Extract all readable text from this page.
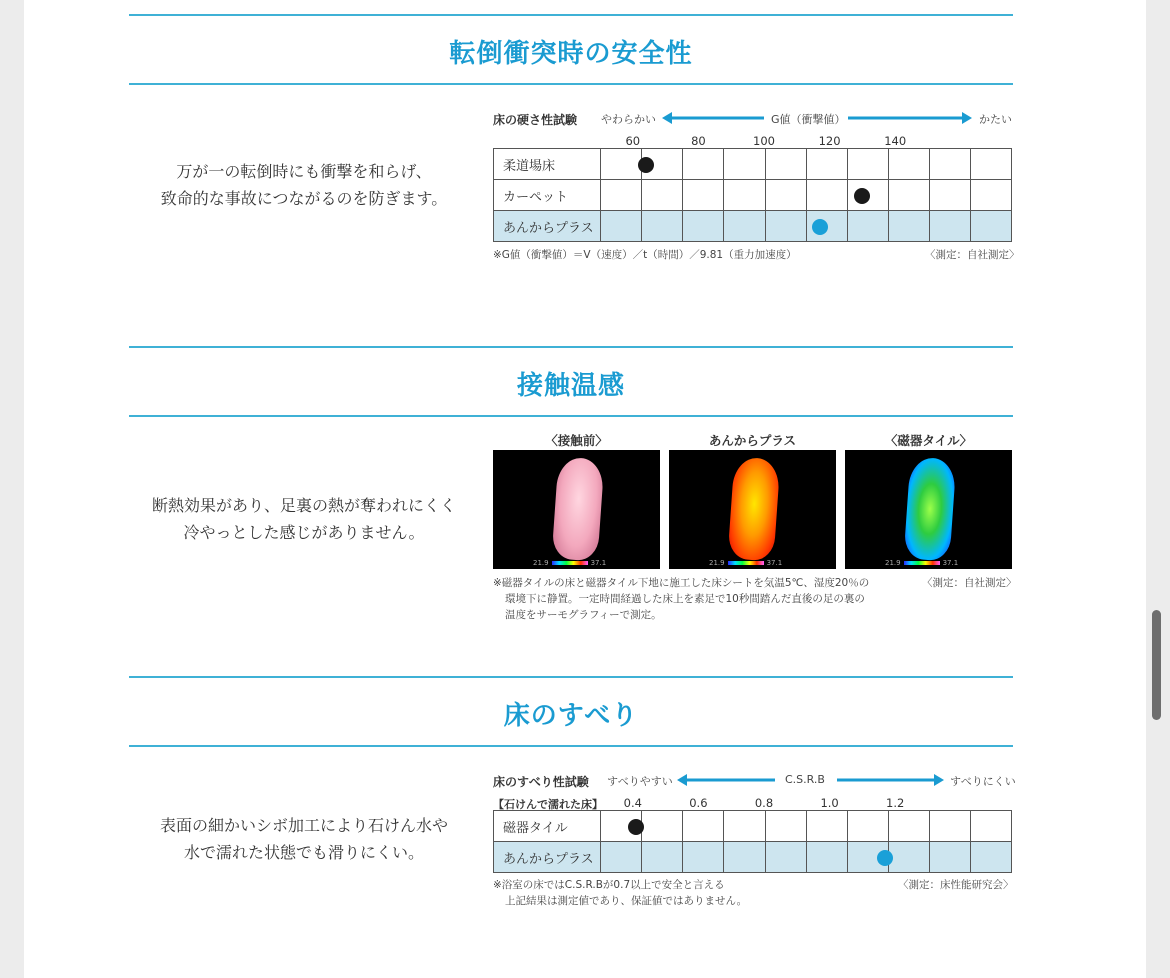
転倒衝突時の安全性
万が一の転倒時にも衝撃を和らげ、
致命的な事故につながるのを防ぎます。
床の硬さ性試験 やわらかい	G値（衝撃値）	かたい
60	80	100	120	140
柔道場床										
カーペット										
あんからプラス										
※G値（衝撃値）＝V（速度）／t（時間）／9.81（重力加速度）	〈測定：自社測定〉
接触温感
断熱効果があり、足裏の熱が奪われにくく
冷やっとした感じがありません。
〈接触前〉	あんからプラス	〈磁器タイル〉
21.9	37.1	21.9	37.1	21.9	37.1
※磁器タイルの床と磁器タイル下地に施工した床シートを気温5℃、湿度20％の
環境下に静置。一定時間経過した床上を素足で10秒間踏んだ直後の足の裏の
温度をサーモグラフィーで測定。
〈測定：自社測定〉
床のすべり
表面の細かいシボ加工により石けん水や
水で濡れた状態でも滑りにくい。
床のすべり性試験 すべりやすい	C.S.R.B	すべりにくい
【石けんで濡れた床】 0.4	0.6	0.8	1.0	1.2
磁器タイル										
あんからプラス										
※浴室の床ではC.S.R.Bが0.7以上で安全と言える
上記結果は測定値であり、保証値ではありません。
〈測定：床性能研究会〉
